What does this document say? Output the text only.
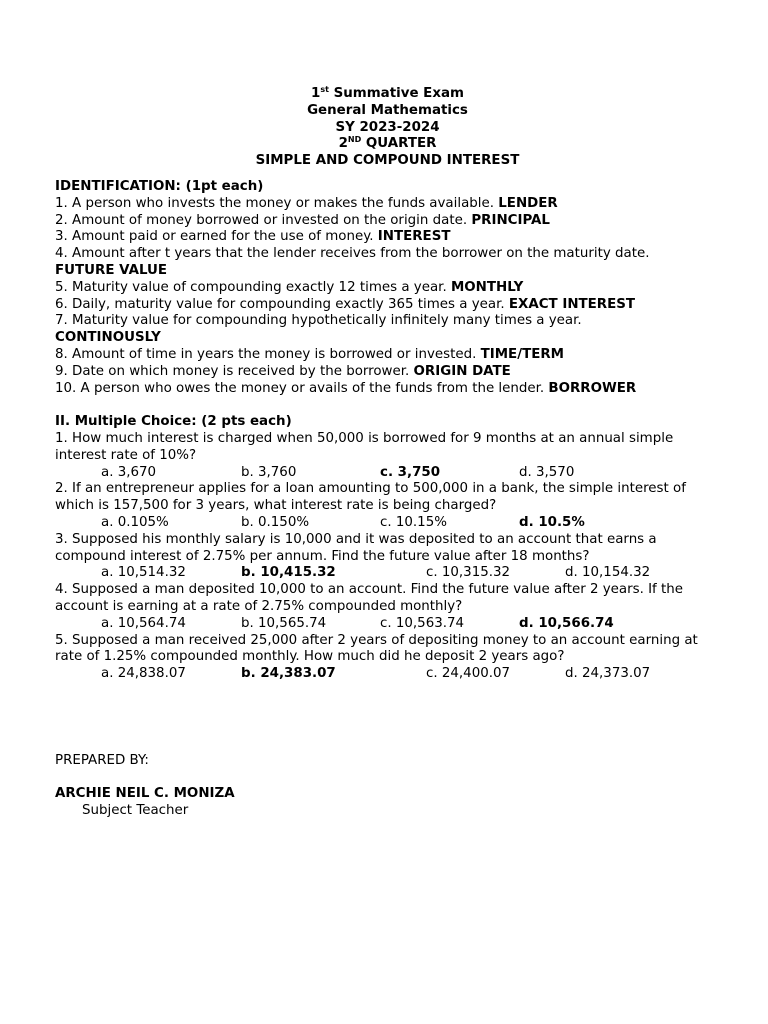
1st Summative Exam
General Mathematics
SY 2023-2024
2ND QUARTER
SIMPLE AND COMPOUND INTEREST
IDENTIFICATION: (1pt each)
1. A person who invests the money or makes the funds available. LENDER
2. Amount of money borrowed or invested on the origin date. PRINCIPAL
3. Amount paid or earned for the use of money. INTEREST
4. Amount after t years that the lender receives from the borrower on the maturity date.
FUTURE VALUE
5. Maturity value of compounding exactly 12 times a year. MONTHLY
6. Daily, maturity value for compounding exactly 365 times a year. EXACT INTEREST
7. Maturity value for compounding hypothetically infinitely many times a year.
CONTINOUSLY
8. Amount of time in years the money is borrowed or invested. TIME/TERM
9. Date on which money is received by the borrower. ORIGIN DATE
10. A person who owes the money or avails of the funds from the lender. BORROWER
II. Multiple Choice: (2 pts each)
1. How much interest is charged when 50,000 is borrowed for 9 months at an annual simple interest rate of 10%?
a. 3,670	b. 3,760	c. 3,750	d. 3,570
2. If an entrepreneur applies for a loan amounting to 500,000 in a bank, the simple interest of which is 157,500 for 3 years, what interest rate is being charged?
a. 0.105%	b. 0.150%	c. 10.15%	d. 10.5%
3. Supposed his monthly salary is 10,000 and it was deposited to an account that earns a compound interest of 2.75% per annum. Find the future value after 18 months?
a. 10,514.32	b. 10,415.32	c. 10,315.32	d. 10,154.32
4. Supposed a man deposited 10,000 to an account. Find the future value after 2 years. If the account is earning at a rate of 2.75% compounded monthly?
a. 10,564.74	b. 10,565.74	c. 10,563.74	d. 10,566.74
5. Supposed a man received 25,000 after 2 years of depositing money to an account earning at rate of 1.25% compounded monthly. How much did he deposit 2 years ago?
a. 24,838.07	b. 24,383.07	c. 24,400.07	d. 24,373.07
PREPARED BY:
ARCHIE NEIL C. MONIZA
Subject Teacher
